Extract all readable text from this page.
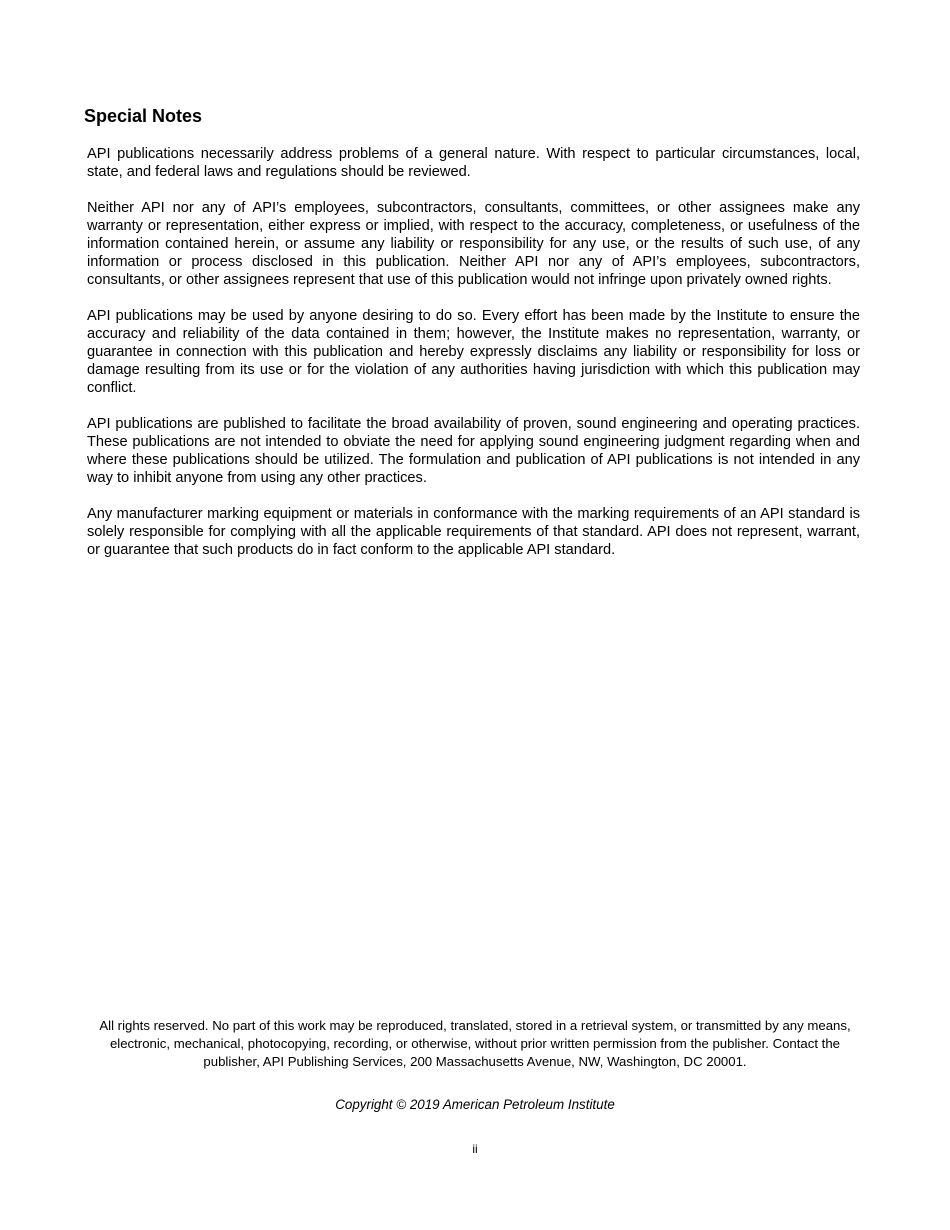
Special Notes

API publications necessarily address problems of a general nature. With respect to particular circumstances, local, state, and federal laws and regulations should be reviewed.

Neither API nor any of API’s employees, subcontractors, consultants, committees, or other assignees make any warranty or representation, either express or implied, with respect to the accuracy, completeness, or usefulness of the information contained herein, or assume any liability or responsibility for any use, or the results of such use, of any information or process disclosed in this publication. Neither API nor any of API’s employees, subcontractors, consultants, or other assignees represent that use of this publication would not infringe upon privately owned rights.

API publications may be used by anyone desiring to do so. Every effort has been made by the Institute to ensure the accuracy and reliability of the data contained in them; however, the Institute makes no representation, warranty, or guarantee in connection with this publication and hereby expressly disclaims any liability or responsibility for loss or damage resulting from its use or for the violation of any authorities having jurisdiction with which this publication may conflict.

API publications are published to facilitate the broad availability of proven, sound engineering and operating practices. These publications are not intended to obviate the need for applying sound engineering judgment regarding when and where these publications should be utilized. The formulation and publication of API publications is not intended in any way to inhibit anyone from using any other practices.

Any manufacturer marking equipment or materials in conformance with the marking requirements of an API standard is solely responsible for complying with all the applicable requirements of that standard. API does not represent, warrant, or guarantee that such products do in fact conform to the applicable API standard.

All rights reserved. No part of this work may be reproduced, translated, stored in a retrieval system, or transmitted by any means, electronic, mechanical, photocopying, recording, or otherwise, without prior written permission from the publisher. Contact the publisher, API Publishing Services, 200 Massachusetts Avenue, NW, Washington, DC 20001.

Copyright © 2019 American Petroleum Institute

ii
